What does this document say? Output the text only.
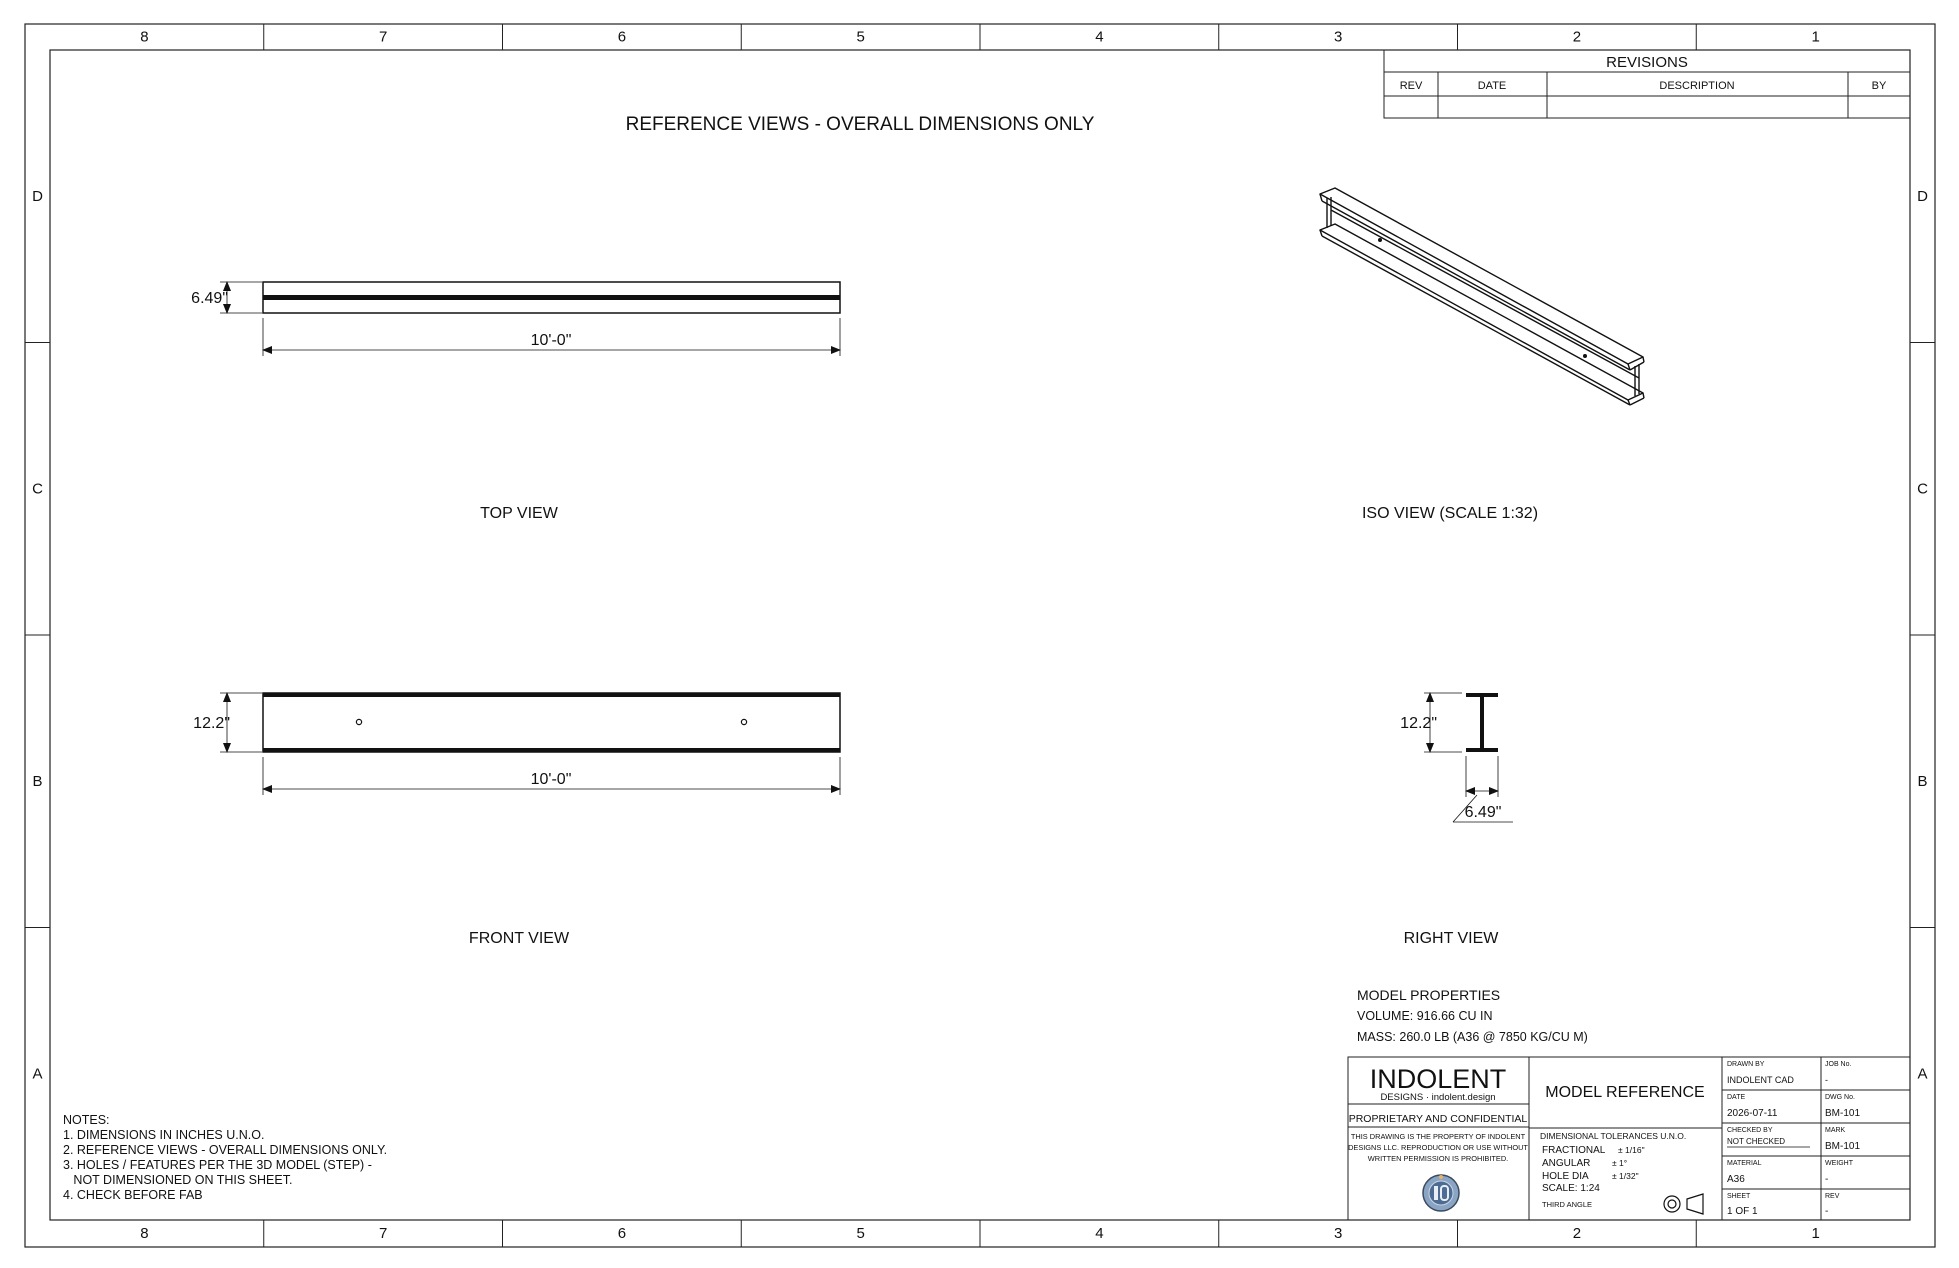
8
8
7
7
6
6
5
5
4
4
3
3
2
2
1
1
D	D
C	C
B	B
A	A
REFERENCE VIEWS - OVERALL DIMENSIONS ONLY
REVISIONS
REV	DATE	DESCRIPTION	BY
6.49"
10'-0"
TOP VIEW	ISO VIEW (SCALE 1:32)
12.2"
10'-0"
FRONT VIEW
12.2"
6.49"
RIGHT VIEW
MODEL PROPERTIES
VOLUME: 916.66 CU IN
MASS: 260.0 LB (A36 @ 7850 KG/CU M)
NOTES:
1. DIMENSIONS IN INCHES U.N.O.
2. REFERENCE VIEWS - OVERALL DIMENSIONS ONLY.
3. HOLES / FEATURES PER THE 3D MODEL (STEP) -
NOT DIMENSIONED ON THIS SHEET.
4. CHECK BEFORE FAB
INDOLENT
DESIGNS · indolent.design
PROPRIETARY AND CONFIDENTIAL
THIS DRAWING IS THE PROPERTY OF INDOLENT
DESIGNS LLC. REPRODUCTION OR USE WITHOUT
WRITTEN PERMISSION IS PROHIBITED.
MODEL REFERENCE
DIMENSIONAL TOLERANCES U.N.O.
FRACTIONAL ± 1/16"
ANGULAR	± 1°
HOLE DIA	± 1/32"
SCALE: 1:24
THIRD ANGLE
DRAWN BY
INDOLENT CAD
JOB No.
-
DATE
2026-07-11
DWG No.
BM-101
CHECKED BY
NOT CHECKED
MARK
BM-101
MATERIAL
A36
WEIGHT
-
SHEET
1 OF 1
REV
-
